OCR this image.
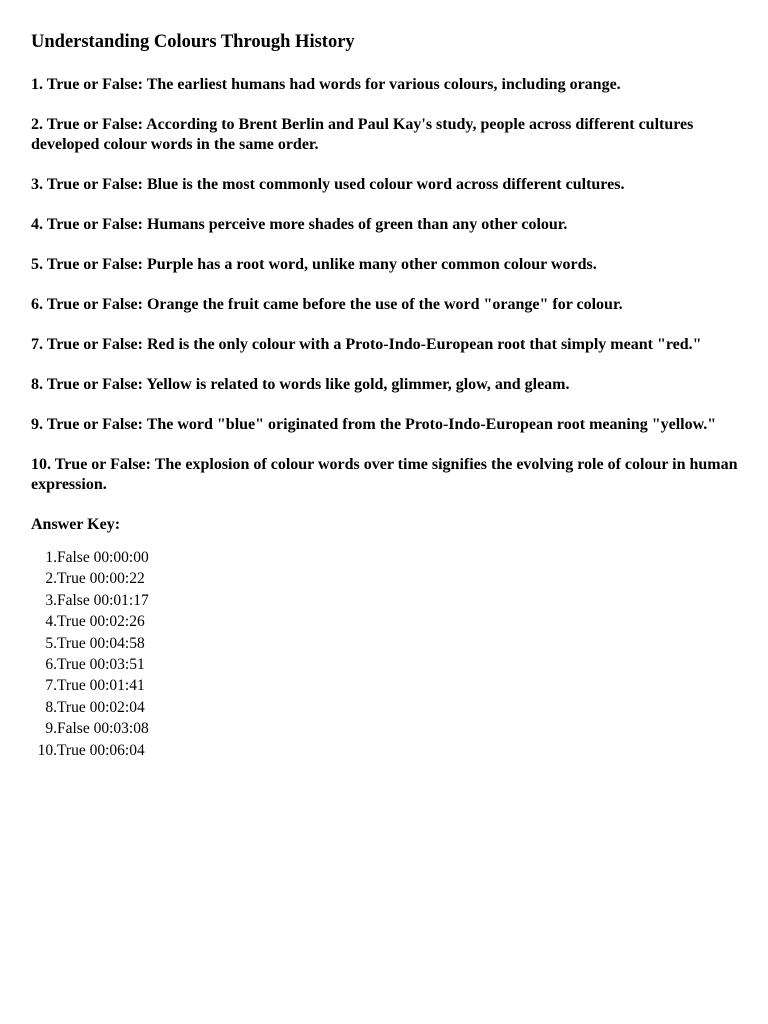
Understanding Colours Through History

1. True or False: The earliest humans had words for various colours, including orange.

2. True or False: According to Brent Berlin and Paul Kay's study, people across different cultures developed colour words in the same order.

3. True or False: Blue is the most commonly used colour word across different cultures.

4. True or False: Humans perceive more shades of green than any other colour.

5. True or False: Purple has a root word, unlike many other common colour words.

6. True or False: Orange the fruit came before the use of the word "orange" for colour.

7. True or False: Red is the only colour with a Proto-Indo-European root that simply meant "red."

8. True or False: Yellow is related to words like gold, glimmer, glow, and gleam.

9. True or False: The word "blue" originated from the Proto-Indo-European root meaning "yellow."

10. True or False: The explosion of colour words over time signifies the evolving role of colour in human expression.

Answer Key:
1. False 00:00:00
2. True 00:00:22
3. False 00:01:17
4. True 00:02:26
5. True 00:04:58
6. True 00:03:51
7. True 00:01:41
8. True 00:02:04
9. False 00:03:08
10. True 00:06:04
